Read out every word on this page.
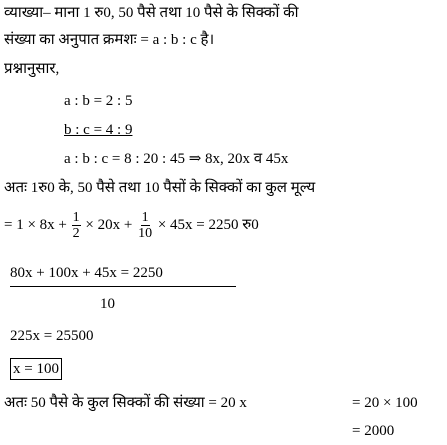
व्याख्या– माना 1 रु0, 50 पैसे तथा 10 पैसे के सिक्कों की
संख्या का अनुपात क्रमशः = a : b : c है।
प्रश्नानुसार,
a : b = 2 : 5
b : c = 4 : 9
a : b : c = 8 : 20 : 45 ⇒ 8x, 20x व 45x
अतः 1रु0 के, 50 पैसे तथा 10 पैसों के सिक्कों का कुल मूल्य
= $1 \times 8x + \frac{1}{2} \times 20x + \frac{1}{10} \times 45x = 2250$ रु0
80x + 100x + 45x = 2250
10
225x = 25500
x = 100
अतः 50 पैसे के कुल सिक्कों की संख्या = 20 x	= 20 × 100
= 2000
